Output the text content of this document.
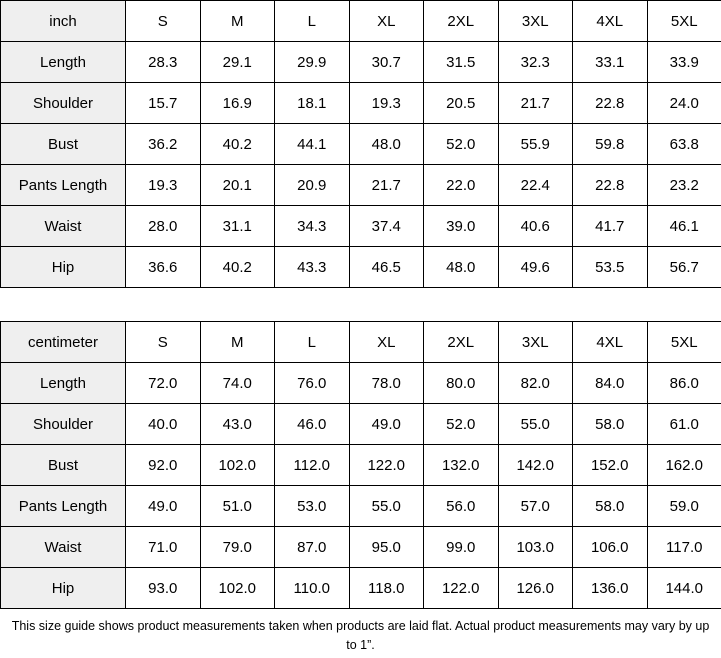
inch	S	M	L	XL	2XL	3XL	4XL	5XL
Length	28.3	29.1	29.9	30.7	31.5	32.3	33.1	33.9
Shoulder	15.7	16.9	18.1	19.3	20.5	21.7	22.8	24.0
Bust	36.2	40.2	44.1	48.0	52.0	55.9	59.8	63.8
Pants Length	19.3	20.1	20.9	21.7	22.0	22.4	22.8	23.2
Waist	28.0	31.1	34.3	37.4	39.0	40.6	41.7	46.1
Hip	36.6	40.2	43.3	46.5	48.0	49.6	53.5	56.7

centimeter	S	M	L	XL	2XL	3XL	4XL	5XL
Length	72.0	74.0	76.0	78.0	80.0	82.0	84.0	86.0
Shoulder	40.0	43.0	46.0	49.0	52.0	55.0	58.0	61.0
Bust	92.0	102.0	112.0	122.0	132.0	142.0	152.0	162.0
Pants Length	49.0	51.0	53.0	55.0	56.0	57.0	58.0	59.0
Waist	71.0	79.0	87.0	95.0	99.0	103.0	106.0	117.0
Hip	93.0	102.0	110.0	118.0	122.0	126.0	136.0	144.0
This size guide shows product measurements taken when products are laid flat. Actual product measurements may vary by up to 1”.
